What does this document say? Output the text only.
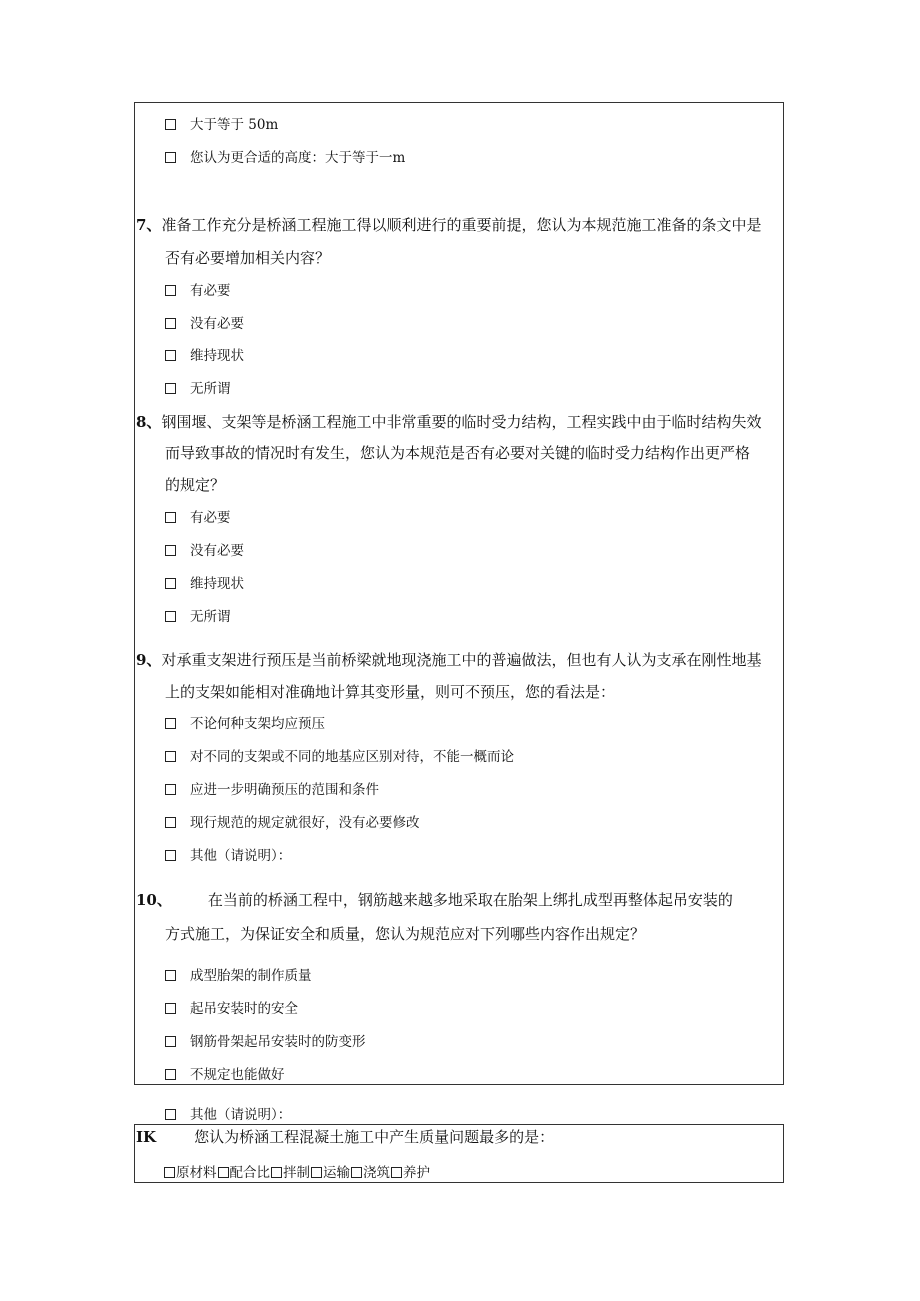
大于等于 50m
您认为更合适的高度：大于等于一m
7、准备工作充分是桥涵工程施工得以顺利进行的重要前提，您认为本规范施工准备的条文中是
否有必要增加相关内容？
有必要
没有必要
维持现状
无所谓
8、钢围堰、支架等是桥涵工程施工中非常重要的临时受力结构，工程实践中由于临时结构失效
而导致事故的情况时有发生，您认为本规范是否有必要对关键的临时受力结构作出更严格
的规定？
有必要
没有必要
维持现状
无所谓
9、对承重支架进行预压是当前桥梁就地现浇施工中的普遍做法，但也有人认为支承在刚性地基
上的支架如能相对准确地计算其变形量，则可不预压，您的看法是：
不论何种支架均应预压
对不同的支架或不同的地基应区别对待，不能一概而论
应进一步明确预压的范围和条件
现行规范的规定就很好，没有必要修改
其他（请说明）：
10、 在当前的桥涵工程中，钢筋越来越多地采取在胎架上绑扎成型再整体起吊安装的
方式施工，为保证安全和质量，您认为规范应对下列哪些内容作出规定？
成型胎架的制作质量
起吊安装时的安全
钢筋骨架起吊安装时的防变形
不规定也能做好
其他（请说明）：
IK	您认为桥涵工程混凝土施工中产生质量问题最多的是：
原材料 配合比 拌制 运输 浇筑 养护
